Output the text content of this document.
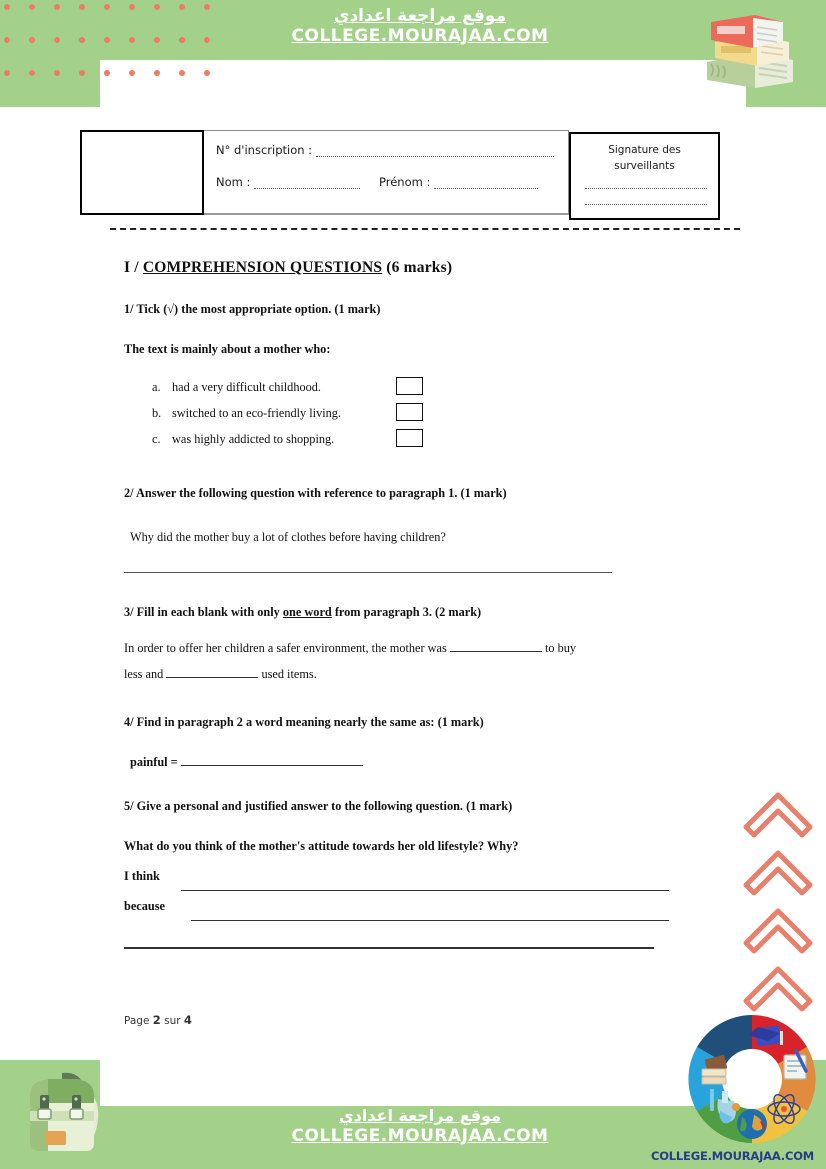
موقع مراجعة اعدادي
COLLEGE.MOURAJAA.COM
N° d'inscription :
Nom :	Prénom :
Signature des
surveillants

I / COMPREHENSION QUESTIONS (6 marks)

1/ Tick (√) the most appropriate option. (1 mark)

The text is mainly about a mother who:

a. had a very difficult childhood.
b. switched to an eco-friendly living.
c. was highly addicted to shopping.

2/ Answer the following question with reference to paragraph 1. (1 mark)

Why did the mother buy a lot of clothes before having children?

3/ Fill in each blank with only one word from paragraph 3. (2 mark)

In order to offer her children a safer environment, the mother was	to buy

less and	used items.

4/ Find in paragraph 2 a word meaning nearly the same as: (1 mark)

painful =

5/ Give a personal and justified answer to the following question. (1 mark)

What do you think of the mother's attitude towards her old lifestyle? Why?

I think
because
Page 2 sur 4
موقع مراجعة اعدادي
COLLEGE.MOURAJAA.COM
COLLEGE.MOURAJAA.COM
